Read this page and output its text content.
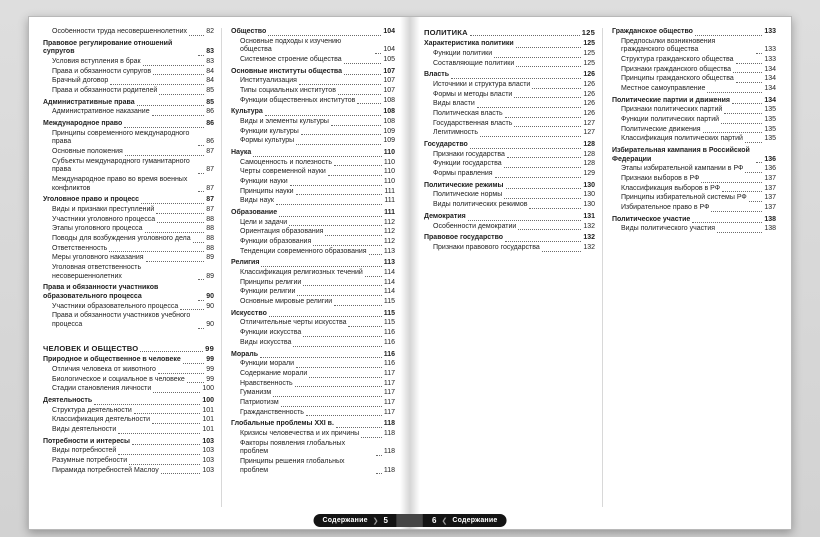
Особенности труда несовершеннолетних	82
Правовое регулирование отношений супругов	83
Условия вступления в брак	83
Права и обязанности супругов	84
Брачный договор	84
Права и обязанности родителей	85
Административные права	85
Административное наказание	86
Международное право	86
Принципы современного международного права	86
Основные положения	87
Субъекты международного гуманитарного права	87
Международное право во время военных конфликтов	87
Уголовное право и процесс	87
Виды и признаки преступлений	87
Участники уголовного процесса	88
Этапы уголовного процесса	88
Поводы для возбуждения уголовного дела 88
Ответственность	88
Меры уголовного наказания	89
Уголовная ответственность несовершеннолетних	89
Права и обязанности участников образовательного процесса	90
Участники образовательного процесса	90
Права и обязанности участников учебного процесса	90
ЧЕЛОВЕК И ОБЩЕСТВО	99
Природное и общественное в человеке	99
Отличия человека от животного	99
Биологическое и социальное в человеке	99
Стадии становления личности	100
Деятельность	100
Структура деятельности	101
Классификация деятельности	101
Виды деятельности	101
Потребности и интересы	103
Виды потребностей	103
Разумные потребности	103
Пирамида потребностей Маслоу	103
Общество	104
Основные подходы к изучению общества	104
Системное строение общества	105
Основные институты общества	107
Институализация	107
Типы социальных институтов	107
Функции общественных институтов	108
Культура	108
Виды и элементы культуры	108
Функции культуры	109
Формы культуры	109
Наука	110
Самоценность и полезность	110
Черты современной науки	110
Функции науки	110
Принципы науки	111
Виды наук	111
Образование	111
Цели и задачи	112
Ориентация образования	112
Функции образования	112
Тенденции современного образования 113
Религия	113
Классификация религиозных течений	114
Принципы религии	114
Функции религии	114
Основные мировые религии	115
Искусство	115
Отличительные черты искусства	115
Функции искусства	116
Виды искусства	116
Мораль	116
Функции морали	116
Содержание морали	117
Нравственность	117
Гуманизм	117
Патриотизм	117
Гражданственность	117
Глобальные проблемы XXI в.	118
Кризисы человечества и их причины	118
Факторы появления глобальных проблем	118
Принципы решения глобальных проблем	118
ПОЛИТИКА	125
Характеристика политики	125
Функции политики	125
Составляющие политики	125
Власть	126
Источники и структура власти	126
Формы и методы власти	126
Виды власти	126
Политическая власть	126
Государственная власть	127
Легитимность	127
Государство	128
Признаки государства	128
Функции государства	128
Формы правления	129
Политические режимы	130
Политические нормы	130
Виды политических режимов	130
Демократия	131
Особенности демократии	132
Правовое государство	132
Признаки правового государства	132
Гражданское общество	133
Предпосылки возникновения гражданского общества	133
Структура гражданского общества	133
Признаки гражданского общества	134
Принципы гражданского общества	134
Местное самоуправление	134
Политические партии и движения	134
Признаки политических партий	135
Функции политических партий	135
Политические движения	135
Классификация политических партий	135
Избирательная кампания в Российской Федерации	136
Этапы избирательной кампании в РФ	136
Признаки выборов в РФ	137
Классификация выборов в РФ	137
Принципы избирательной системы РФ	137
Избирательное право в РФ	137
Политическое участие	138
Виды политического участия	138
Содержание ❯ 5	6 ❮ Содержание
